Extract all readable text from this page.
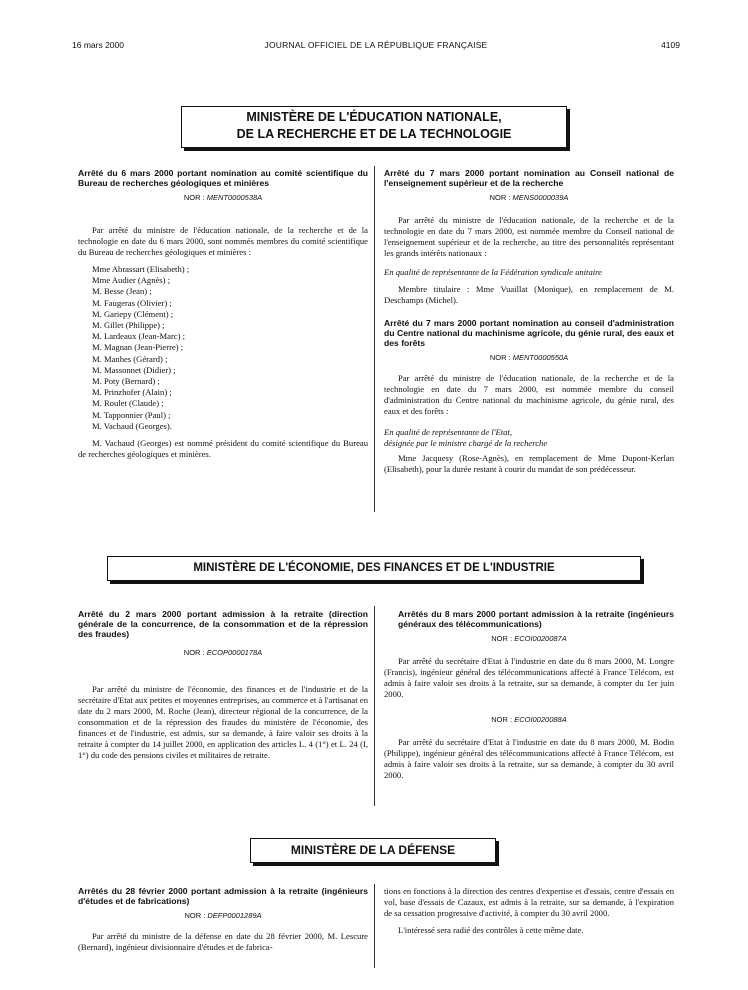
16 mars 2000	JOURNAL OFFICIEL DE LA RÉPUBLIQUE FRANÇAISE	4109
MINISTÈRE DE L'ÉDUCATION NATIONALE,
DE LA RECHERCHE ET DE LA TECHNOLOGIE
Arrêté du 6 mars 2000 portant nomination au comité scientifique du Bureau de recherches géologiques et minières
NOR : MENT0000538A

Par arrêté du ministre de l'éducation nationale, de la recherche et de la technologie en date du 6 mars 2000, sont nommés membres du comité scientifique du Bureau de recherches géologiques et minières :

Mme Abrassart (Elisabeth) ;
Mme Audier (Agnès) ;
M. Besse (Jean) ;
M. Faugeras (Olivier) ;
M. Gariepy (Clément) ;
M. Gillet (Philippe) ;
M. Lardeaux (Jean-Marc) ;
M. Magnan (Jean-Pierre) ;
M. Manhes (Gérard) ;
M. Massonnet (Didier) ;
M. Poty (Bernard) ;
M. Prinzhofer (Alain) ;
M. Roulet (Claude) ;
M. Tapponnier (Paul) ;
M. Vachaud (Georges).

M. Vachaud (Georges) est nommé président du comité scientifique du Bureau de recherches géologiques et minières.

Arrêté du 7 mars 2000 portant nomination au Conseil national de l'enseignement supérieur et de la recherche
NOR : MENS0000039A

Par arrêté du ministre de l'éducation nationale, de la recherche et de la technologie en date du 7 mars 2000, est nommée membre du Conseil national de l'enseignement supérieur et de la recherche, au titre des personnalités représentant les grands intérêts nationaux :

En qualité de représentante de la Fédération syndicale unitaire

Membre titulaire : Mme Vuaillat (Monique), en remplacement de M. Deschamps (Michel).

Arrêté du 7 mars 2000 portant nomination au conseil d'administration du Centre national du machinisme agricole, du génie rural, des eaux et des forêts
NOR : MENT0000550A

Par arrêté du ministre de l'éducation nationale, de la recherche et de la technologie en date du 7 mars 2000, est nommée membre du conseil d'administration du Centre national du machinisme agricole, du génie rural, des eaux et des forêts :

En qualité de représentante de l'Etat,

désignée par le ministre chargé de la recherche

Mme Jacquesy (Rose-Agnès), en remplacement de Mme Dupont-Kerlan (Elisabeth), pour la durée restant à courir du mandat de son prédécesseur.

MINISTÈRE DE L'ÉCONOMIE, DES FINANCES ET DE L'INDUSTRIE
Arrêté du 2 mars 2000 portant admission à la retraite (direction générale de la concurrence, de la consommation et de la répression des fraudes)
NOR : ECOP0000178A

Par arrêté du ministre de l'économie, des finances et de l'industrie et de la secrétaire d'Etat aux petites et moyennes entreprises, au commerce et à l'artisanat en date du 2 mars 2000, M. Roche (Jean), directeur régional de la concurrence, de la consommation et de la répression des fraudes du ministère de l'économie, des finances et de l'industrie, est admis, sur sa demande, à faire valoir ses droits à la retraite à compter du 14 juillet 2000, en application des articles L. 4 (1°) et L. 24 (I, 1°) du code des pensions civiles et militaires de retraite.

Arrêtés du 8 mars 2000 portant admission à la retraite (ingénieurs généraux des télécommunications)
NOR : ECOI0020087A

Par arrêté du secrétaire d'Etat à l'industrie en date du 8 mars 2000, M. Longre (Francis), ingénieur général des télécommunications affecté à France Télécom, est admis à faire valoir ses droits à la retraite, sur sa demande, à compter du 1er juin 2000.

NOR : ECOI0020088A

Par arrêté du secrétaire d'Etat à l'industrie en date du 8 mars 2000, M. Bodin (Philippe), ingénieur général des télécommunications affecté à France Télécom, est admis à faire valoir ses droits à la retraite, sur sa demande, à compter du 30 avril 2000.

MINISTÈRE DE LA DÉFENSE
Arrêtés du 28 février 2000 portant admission à la retraite (ingénieurs d'études et de fabrications)
NOR : DEFP0001289A

Par arrêté du ministre de la défense en date du 28 février 2000, M. Lescure (Bernard), ingénieur divisionnaire d'études et de fabrica-

tions en fonctions à la direction des centres d'expertise et d'essais, centre d'essais en vol, base d'essais de Cazaux, est admis à la retraite, sur sa demande, à l'expiration de sa cessation progressive d'activité, à compter du 30 avril 2000.

L'intéressé sera radié des contrôles à cette même date.
